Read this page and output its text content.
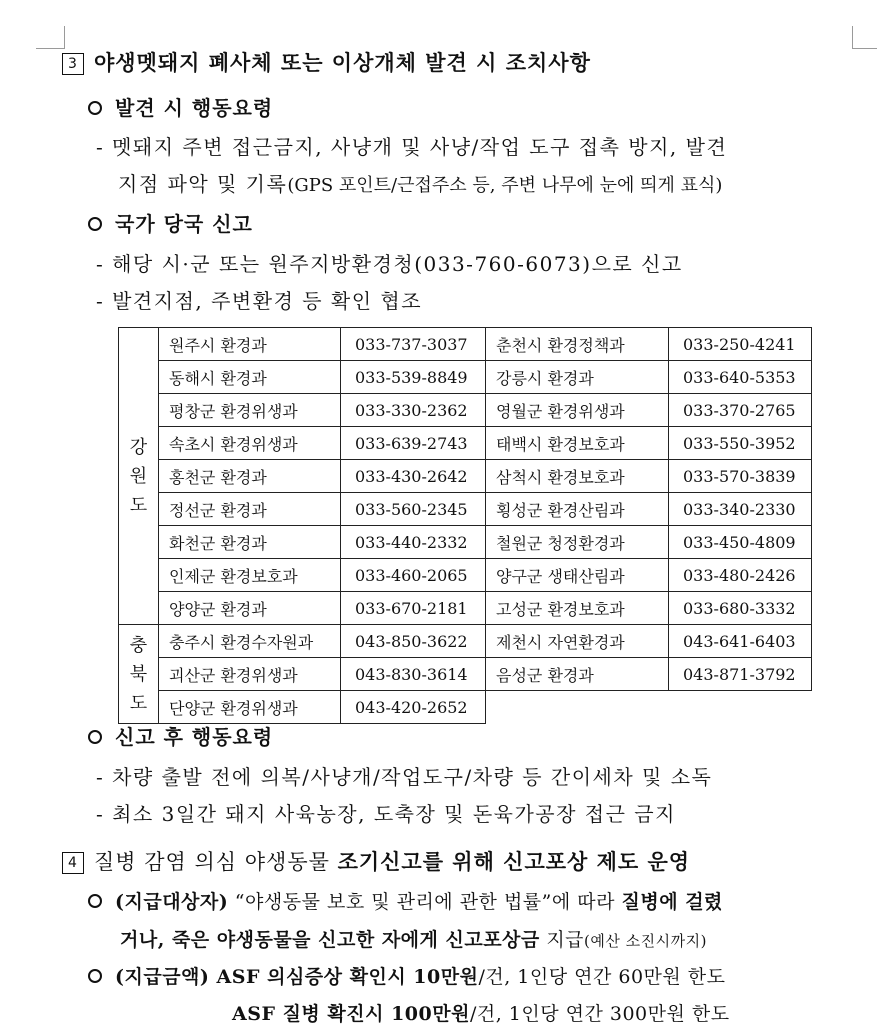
3 야생멧돼지 폐사체 또는 이상개체 발견 시 조치사항
발견 시 행동요령
- 멧돼지 주변 접근금지, 사냥개 및 사냥/작업 도구 접촉 방지, 발견
지점 파악 및 기록(GPS 포인트/근접주소 등, 주변 나무에 눈에 띄게 표식)
국가 당국 신고
- 해당 시·군 또는 원주지방환경청(033-760-6073)으로 신고
- 발견지점, 주변환경 등 확인 협조
강
원
도	원주시 환경과	033-737-3037	춘천시 환경정책과	033-250-4241
	동해시 환경과	033-539-8849	강릉시 환경과	033-640-5353
	평창군 환경위생과	033-330-2362	영월군 환경위생과	033-370-2765
	속초시 환경위생과	033-639-2743	태백시 환경보호과	033-550-3952
	홍천군 환경과	033-430-2642	삼척시 환경보호과	033-570-3839
	정선군 환경과	033-560-2345	횡성군 환경산림과	033-340-2330
	화천군 환경과	033-440-2332	철원군 청정환경과	033-450-4809
	인제군 환경보호과	033-460-2065	양구군 생태산림과	033-480-2426
	양양군 환경과	033-670-2181	고성군 환경보호과	033-680-3332

충
북
도	충주시 환경수자원과	043-850-3622	제천시 자연환경과	043-641-6403
	괴산군 환경위생과	043-830-3614	음성군 환경과	043-871-3792
	단양군 환경위생과	043-420-2652		
신고 후 행동요령
- 차량 출발 전에 의복/사냥개/작업도구/차량 등 간이세차 및 소독
- 최소 3일간 돼지 사육농장, 도축장 및 돈육가공장 접근 금지
4 질병 감염 의심 야생동물 조기신고를 위해 신고포상 제도 운영
(지급대상자) “야생동물 보호 및 관리에 관한 법률”에 따라 질병에 걸렸
거나, 죽은 야생동물을 신고한 자에게 신고포상금 지급(예산 소진시까지)
(지급금액) ASF 의심증상 확인시 10만원/건, 1인당 연간 60만원 한도
ASF 질병 확진시 100만원/건, 1인당 연간 300만원 한도
